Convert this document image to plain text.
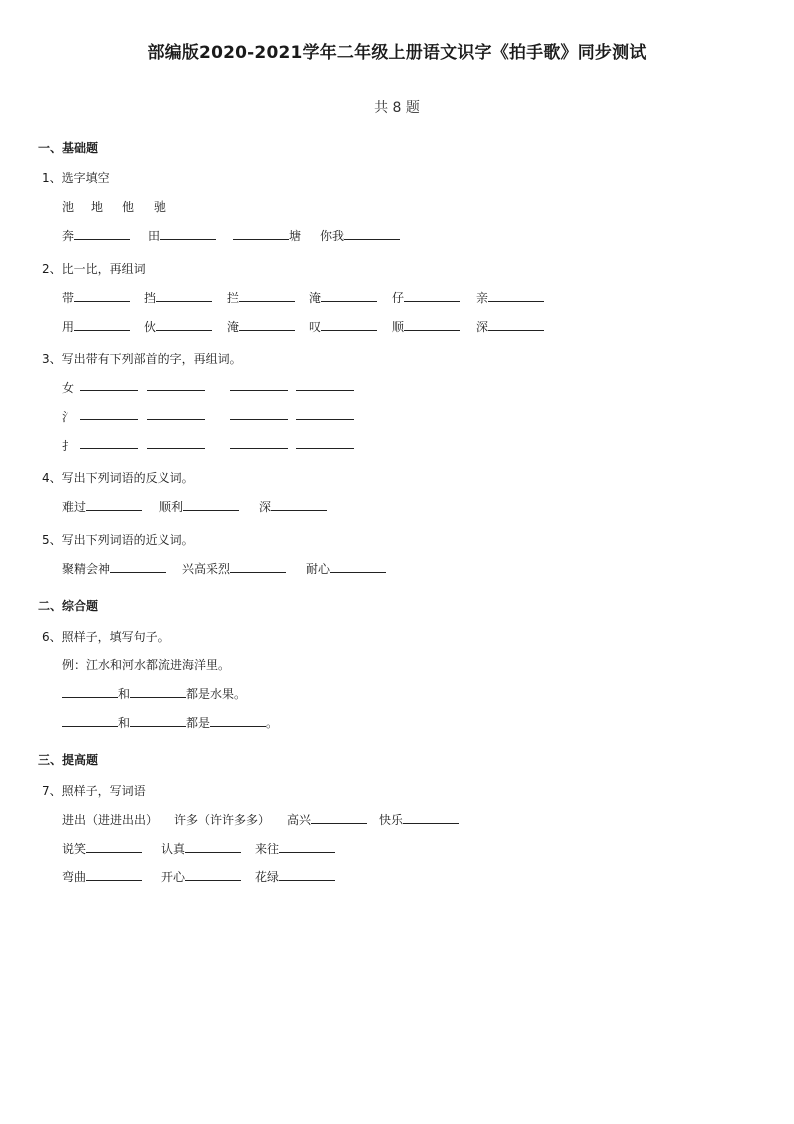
部编版2020-2021学年二年级上册语文识字《拍手歌》同步测试
共 8 题
一、基础题
1、选字填空
池 地 他 驰
奔	田	塘 你我
2、比一比，再组词
带	挡	拦	淹	仔	亲
用	伙	淹	叹	顺	深
3、写出带有下列部首的字，再组词。
女
氵
扌
4、写出下列词语的反义词。
难过	顺利	深
5、写出下列词语的近义词。
聚精会神	兴高采烈	耐心
二、综合题
6、照样子，填写句子。
例：江水和河水都流进海洋里。
和	都是水果。
和	都是	。
三、提高题
7、照样子，写词语
进出（进进出出） 许多（许许多多） 高兴	快乐
说笑	认真	来往
弯曲	开心	花绿
